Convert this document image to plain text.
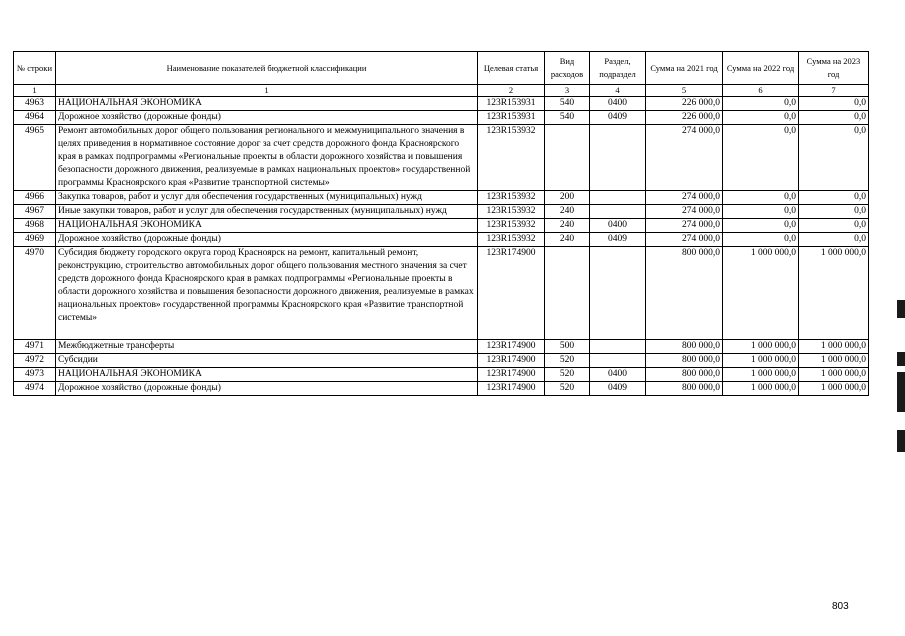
№ строки	Наименование показателей бюджетной классификации	Целевая статья	Вид расходов	Раздел, подраздел	Сумма на 2021 год	Сумма на 2022 год	Сумма на 2023 год
1	1	2	3	4	5	6	7
4963	НАЦИОНАЛЬНАЯ ЭКОНОМИКА	123R153931	540	0400	226 000,0	0,0	0,0
4964	Дорожное хозяйство (дорожные фонды)	123R153931	540	0409	226 000,0	0,0	0,0
4965	Ремонт автомобильных дорог общего пользования регионального и межмуниципального значения в целях приведения в нормативное состояние дорог за счет средств дорожного фонда Красноярского края в рамках подпрограммы «Региональные проекты в области дорожного хозяйства и повышения безопасности дорожного движения, реализуемые в рамках национальных проектов» государственной программы Красноярского края «Развитие транспортной системы»	123R153932			274 000,0	0,0	0,0
4966	Закупка товаров, работ и услуг для обеспечения государственных (муниципальных) нужд	123R153932	200		274 000,0	0,0	0,0
4967	Иные закупки товаров, работ и услуг для обеспечения государственных (муниципальных) нужд	123R153932	240		274 000,0	0,0	0,0
4968	НАЦИОНАЛЬНАЯ ЭКОНОМИКА	123R153932	240	0400	274 000,0	0,0	0,0
4969	Дорожное хозяйство (дорожные фонды)	123R153932	240	0409	274 000,0	0,0	0,0
4970	Субсидия бюджету городского округа город Красноярск на ремонт, капитальный ремонт, реконструкцию, строительство автомобильных дорог общего пользования местного значения за счет средств дорожного фонда Красноярского края в рамках подпрограммы «Региональные проекты в области дорожного хозяйства и повышения безопасности дорожного движения, реализуемые в рамках национальных проектов» государственной программы Красноярского края «Развитие транспортной системы»	123R174900			800 000,0	1 000 000,0	1 000 000,0
4971	Межбюджетные трансферты	123R174900	500		800 000,0	1 000 000,0	1 000 000,0
4972	Субсидии	123R174900	520		800 000,0	1 000 000,0	1 000 000,0
4973	НАЦИОНАЛЬНАЯ ЭКОНОМИКА	123R174900	520	0400	800 000,0	1 000 000,0	1 000 000,0
4974	Дорожное хозяйство (дорожные фонды)	123R174900	520	0409	800 000,0	1 000 000,0	1 000 000,0
803
